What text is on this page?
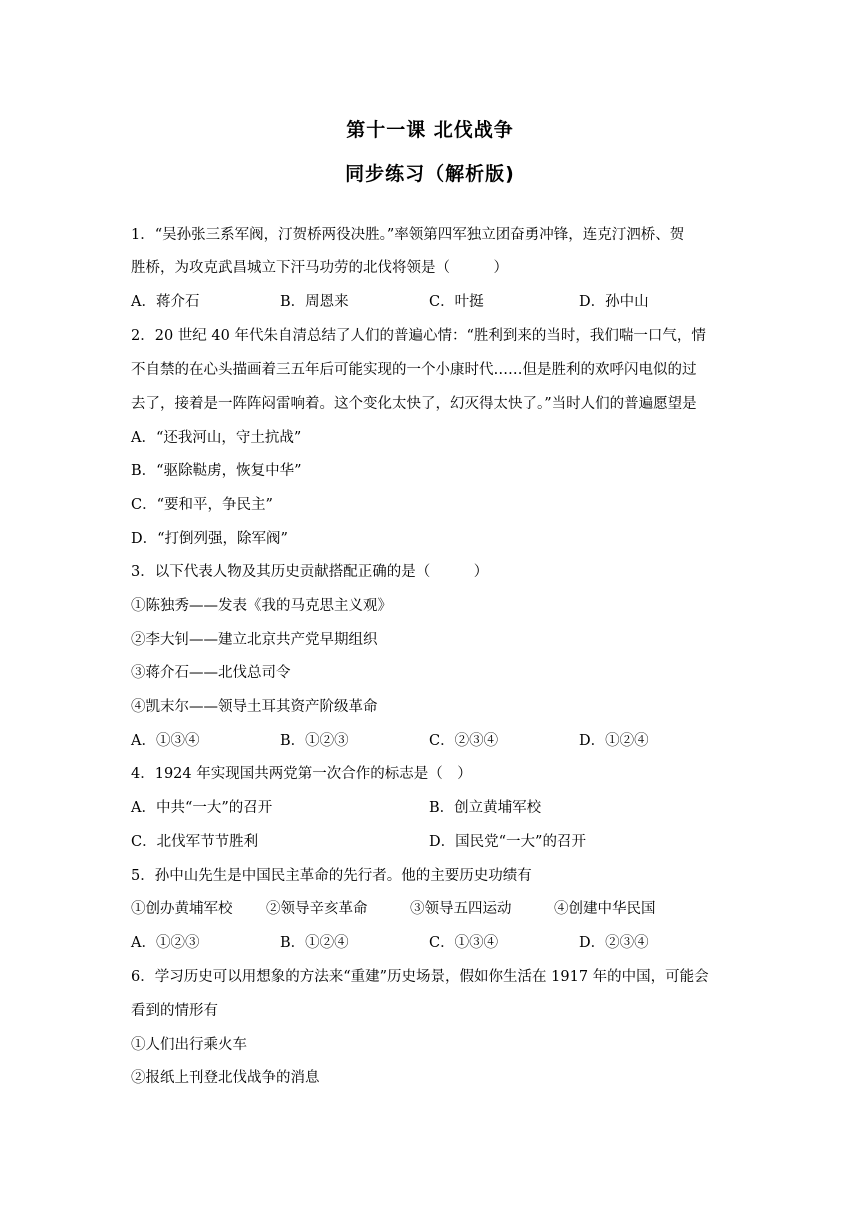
第十一课 北伐战争
同步练习（解析版)
1．“吴孙张三系军阀，汀贺桥两役决胜。”率领第四军独立团奋勇冲锋，连克汀泗桥、贺
胜桥，为攻克武昌城立下汗马功劳的北伐将领是（　　　）
A．蒋介石	B．周恩来	C．叶挺	D．孙中山
2．20 世纪 40 年代朱自清总结了人们的普遍心情：“胜利到来的当时，我们喘一口气，情
不自禁的在心头描画着三五年后可能实现的一个小康时代……但是胜利的欢呼闪电似的过
去了，接着是一阵阵闷雷响着。这个变化太快了，幻灭得太快了。”当时人们的普遍愿望是
A．“还我河山，守土抗战”
B．“驱除鞑虏，恢复中华”
C．“要和平，争民主”
D．“打倒列强，除军阀”
3．以下代表人物及其历史贡献搭配正确的是（　　　）
①陈独秀——发表《我的马克思主义观》
②李大钊——建立北京共产党早期组织
③蒋介石——北伐总司令
④凯末尔——领导土耳其资产阶级革命
A．①③④	B．①②③	C．②③④	D．①②④
4．1924 年实现国共两党第一次合作的标志是（　）
A．中共“一大”的召开	B．创立黄埔军校
C．北伐军节节胜利	D．国民党“一大”的召开
5．孙中山先生是中国民主革命的先行者。他的主要历史功绩有
①创办黄埔军校 ②领导辛亥革命	③领导五四运动	④创建中华民国
A．①②③	B．①②④	C．①③④	D．②③④
6．学习历史可以用想象的方法来“重建”历史场景，假如你生活在 1917 年的中国，可能会
看到的情形有
①人们出行乘火车
②报纸上刊登北伐战争的消息
